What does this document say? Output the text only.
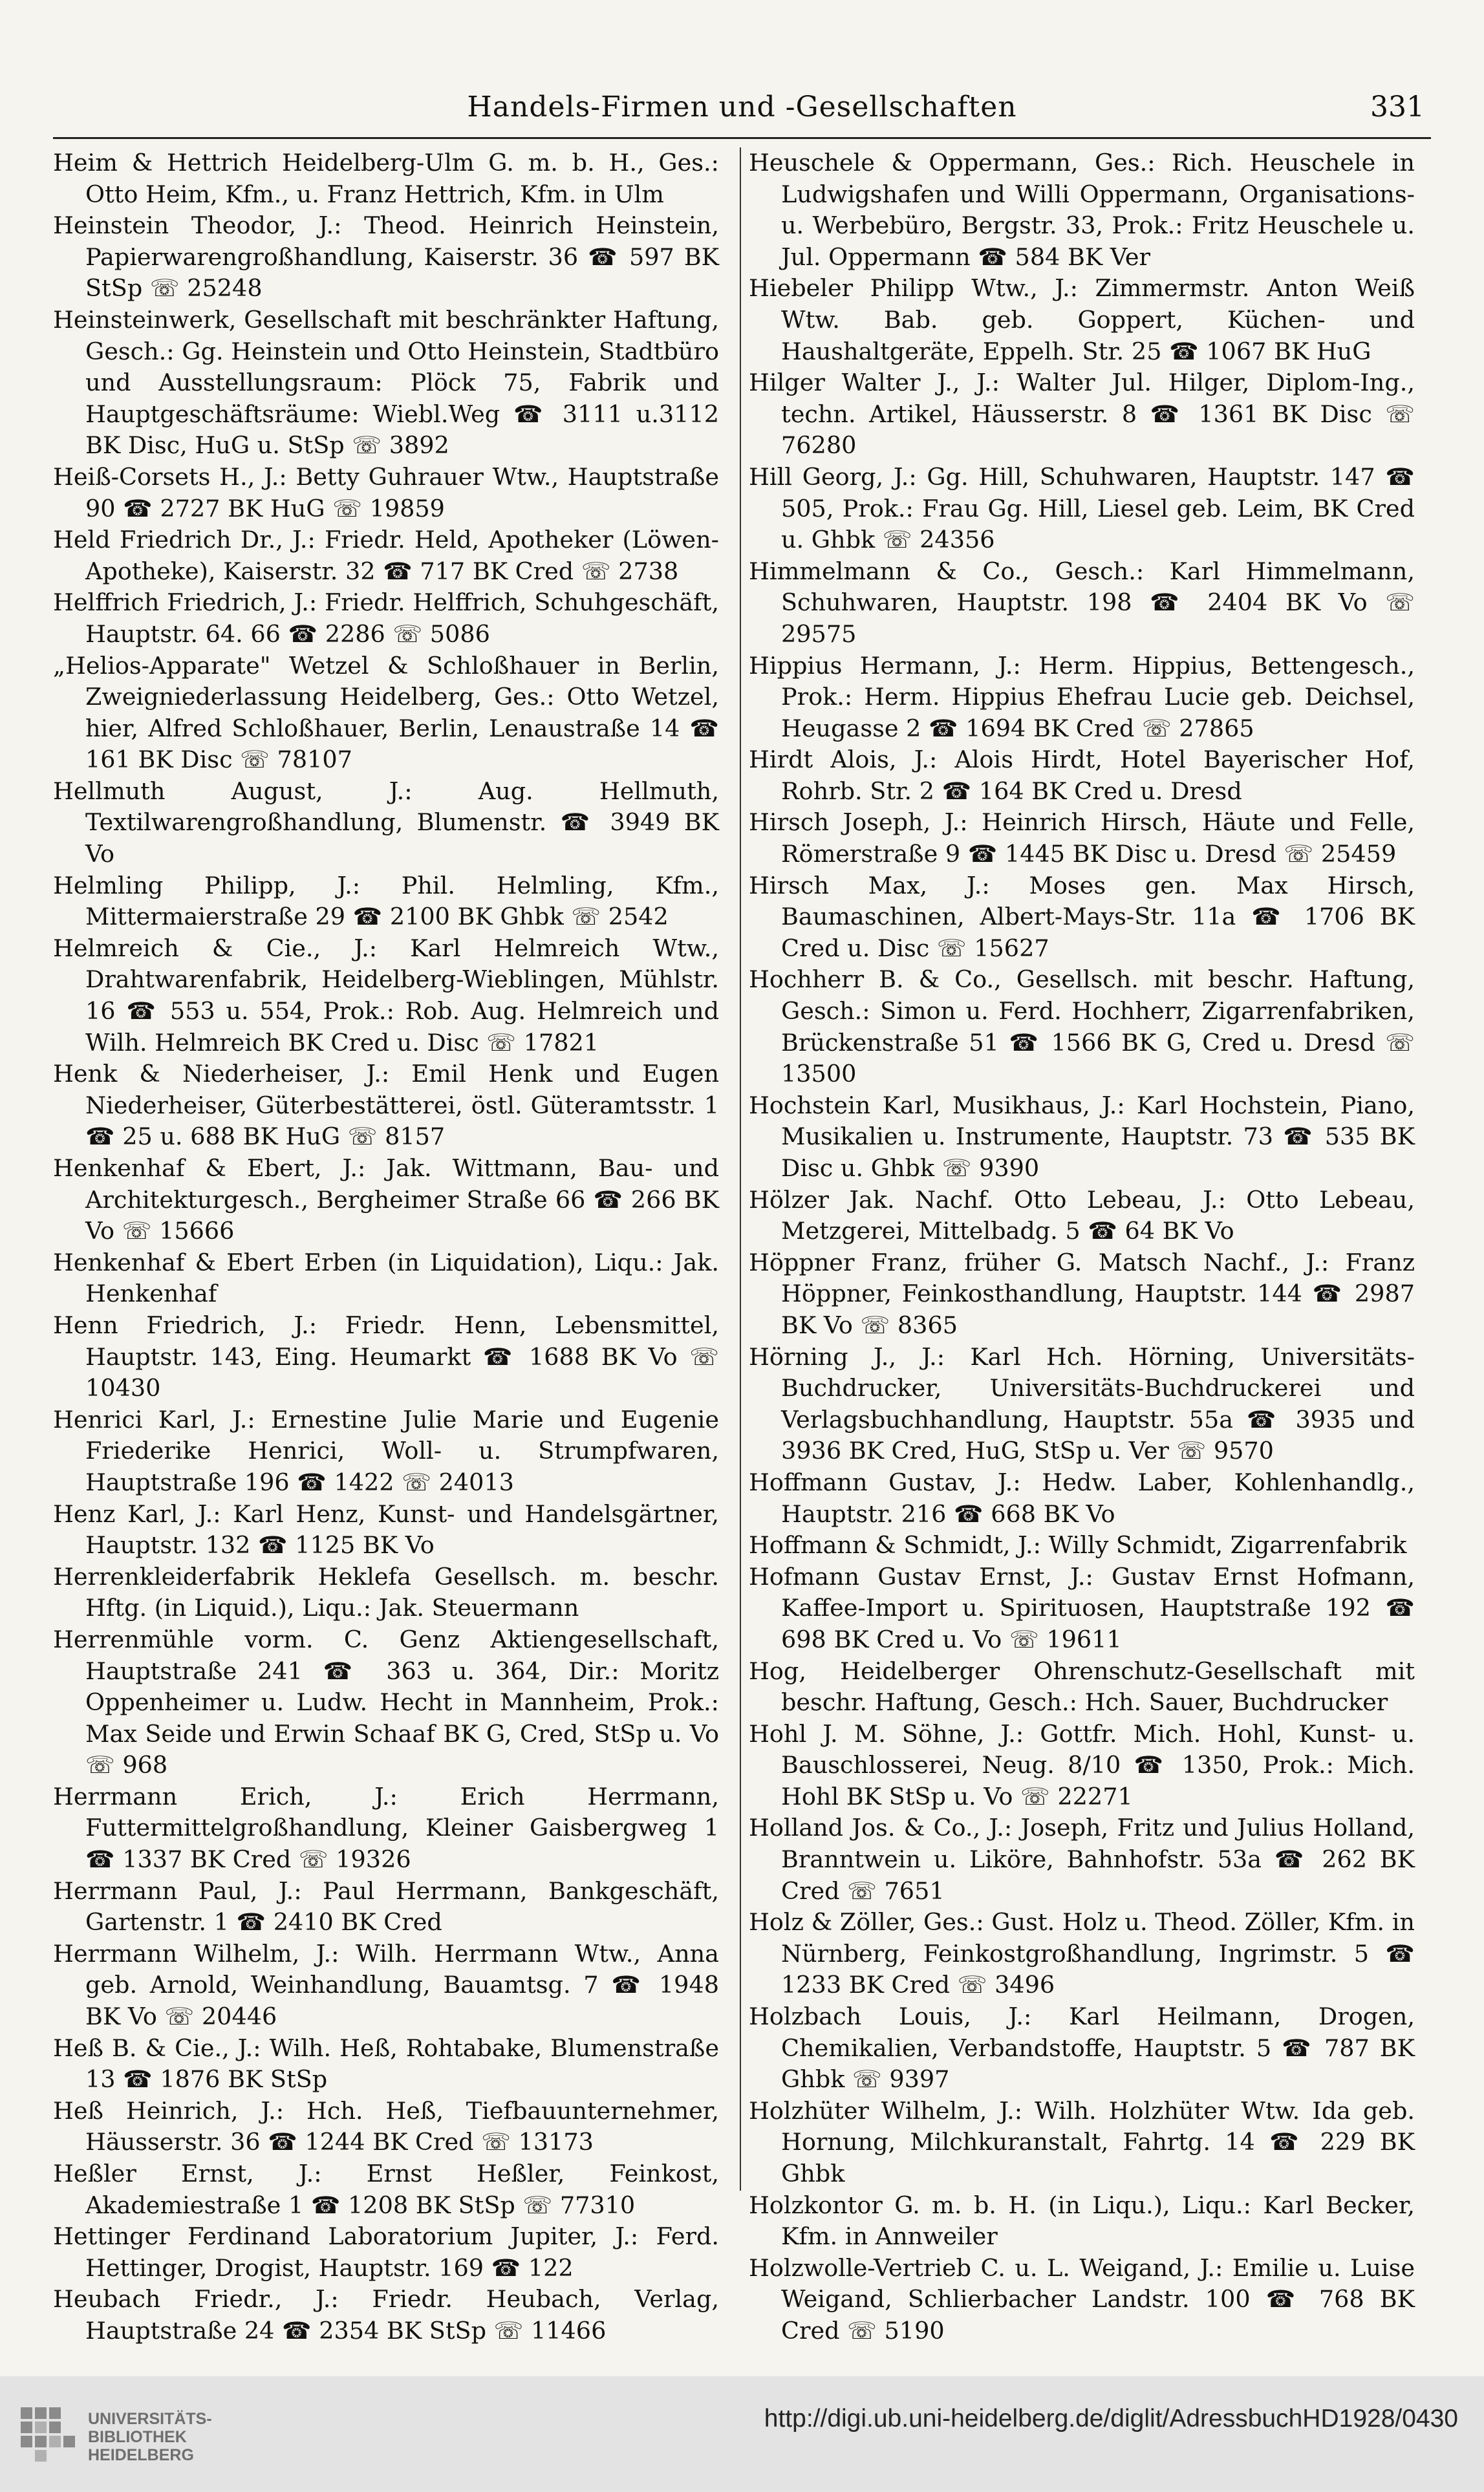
Handels-Firmen und -Gesellschaften	331
Heim & Hettrich Heidelberg-Ulm G. m. b. H., Ges.: Otto Heim, Kfm., u. Franz Hettrich, Kfm. in Ulm
Heinstein Theodor, J.: Theod. Heinrich Heinstein, Papierwarengroßhandlung, Kaiserstr. 36 ☎ 597 BK StSp ☏ 25248
Heinsteinwerk, Gesellschaft mit beschränkter Haftung, Gesch.: Gg. Heinstein und Otto Heinstein, Stadtbüro und Ausstellungsraum: Plöck 75, Fabrik und Hauptgeschäftsräume: Wiebl.Weg ☎ 3111 u.3112 BK Disc, HuG u. StSp ☏ 3892
Heiß-Corsets H., J.: Betty Guhrauer Wtw., Hauptstraße 90 ☎ 2727 BK HuG ☏ 19859
Held Friedrich Dr., J.: Friedr. Held, Apotheker (Löwen-Apotheke), Kaiserstr. 32 ☎ 717 BK Cred ☏ 2738
Helffrich Friedrich, J.: Friedr. Helffrich, Schuhgeschäft, Hauptstr. 64. 66 ☎ 2286 ☏ 5086
„Helios-Apparate" Wetzel & Schloßhauer in Berlin, Zweigniederlassung Heidelberg, Ges.: Otto Wetzel, hier, Alfred Schloßhauer, Berlin, Lenaustraße 14 ☎ 161 BK Disc ☏ 78107
Hellmuth August, J.: Aug. Hellmuth, Textilwarengroßhandlung, Blumenstr. ☎ 3949 BK Vo
Helmling Philipp, J.: Phil. Helmling, Kfm., Mittermaierstraße 29 ☎ 2100 BK Ghbk ☏ 2542
Helmreich & Cie., J.: Karl Helmreich Wtw., Drahtwarenfabrik, Heidelberg-Wieblingen, Mühlstr. 16 ☎ 553 u. 554, Prok.: Rob. Aug. Helmreich und Wilh. Helmreich BK Cred u. Disc ☏ 17821
Henk & Niederheiser, J.: Emil Henk und Eugen Niederheiser, Güterbestätterei, östl. Güteramtsstr. 1 ☎ 25 u. 688 BK HuG ☏ 8157
Henkenhaf & Ebert, J.: Jak. Wittmann, Bau- und Architekturgesch., Bergheimer Straße 66 ☎ 266 BK Vo ☏ 15666
Henkenhaf & Ebert Erben (in Liquidation), Liqu.: Jak. Henkenhaf
Henn Friedrich, J.: Friedr. Henn, Lebensmittel, Hauptstr. 143, Eing. Heumarkt ☎ 1688 BK Vo ☏ 10430
Henrici Karl, J.: Ernestine Julie Marie und Eugenie Friederike Henrici, Woll- u. Strumpfwaren, Hauptstraße 196 ☎ 1422 ☏ 24013
Henz Karl, J.: Karl Henz, Kunst- und Handelsgärtner, Hauptstr. 132 ☎ 1125 BK Vo
Herrenkleiderfabrik Heklefa Gesellsch. m. beschr. Hftg. (in Liquid.), Liqu.: Jak. Steuermann
Herrenmühle vorm. C. Genz Aktiengesellschaft, Hauptstraße 241 ☎ 363 u. 364, Dir.: Moritz Oppenheimer u. Ludw. Hecht in Mannheim, Prok.: Max Seide und Erwin Schaaf BK G, Cred, StSp u. Vo ☏ 968
Herrmann Erich, J.: Erich Herrmann, Futtermittelgroßhandlung, Kleiner Gaisbergweg 1 ☎ 1337 BK Cred ☏ 19326
Herrmann Paul, J.: Paul Herrmann, Bankgeschäft, Gartenstr. 1 ☎ 2410 BK Cred
Herrmann Wilhelm, J.: Wilh. Herrmann Wtw., Anna geb. Arnold, Weinhandlung, Bauamtsg. 7 ☎ 1948 BK Vo ☏ 20446
Heß B. & Cie., J.: Wilh. Heß, Rohtabake, Blumenstraße 13 ☎ 1876 BK StSp
Heß Heinrich, J.: Hch. Heß, Tiefbauunternehmer, Häusserstr. 36 ☎ 1244 BK Cred ☏ 13173
Heßler Ernst, J.: Ernst Heßler, Feinkost, Akademiestraße 1 ☎ 1208 BK StSp ☏ 77310
Hettinger Ferdinand Laboratorium Jupiter, J.: Ferd. Hettinger, Drogist, Hauptstr. 169 ☎ 122
Heubach Friedr., J.: Friedr. Heubach, Verlag, Hauptstraße 24 ☎ 2354 BK StSp ☏ 11466
Heuschele & Oppermann, Ges.: Rich. Heuschele in Ludwigshafen und Willi Oppermann, Organisations- u. Werbebüro, Bergstr. 33, Prok.: Fritz Heuschele u. Jul. Oppermann ☎ 584 BK Ver
Hiebeler Philipp Wtw., J.: Zimmermstr. Anton Weiß Wtw. Bab. geb. Goppert, Küchen- und Haushaltgeräte, Eppelh. Str. 25 ☎ 1067 BK HuG
Hilger Walter J., J.: Walter Jul. Hilger, Diplom-Ing., techn. Artikel, Häusserstr. 8 ☎ 1361 BK Disc ☏ 76280
Hill Georg, J.: Gg. Hill, Schuhwaren, Hauptstr. 147 ☎ 505, Prok.: Frau Gg. Hill, Liesel geb. Leim, BK Cred u. Ghbk ☏ 24356
Himmelmann & Co., Gesch.: Karl Himmelmann, Schuhwaren, Hauptstr. 198 ☎ 2404 BK Vo ☏ 29575
Hippius Hermann, J.: Herm. Hippius, Bettengesch., Prok.: Herm. Hippius Ehefrau Lucie geb. Deichsel, Heugasse 2 ☎ 1694 BK Cred ☏ 27865
Hirdt Alois, J.: Alois Hirdt, Hotel Bayerischer Hof, Rohrb. Str. 2 ☎ 164 BK Cred u. Dresd
Hirsch Joseph, J.: Heinrich Hirsch, Häute und Felle, Römerstraße 9 ☎ 1445 BK Disc u. Dresd ☏ 25459
Hirsch Max, J.: Moses gen. Max Hirsch, Baumaschinen, Albert-Mays-Str. 11a ☎ 1706 BK Cred u. Disc ☏ 15627
Hochherr B. & Co., Gesellsch. mit beschr. Haftung, Gesch.: Simon u. Ferd. Hochherr, Zigarrenfabriken, Brückenstraße 51 ☎ 1566 BK G, Cred u. Dresd ☏ 13500
Hochstein Karl, Musikhaus, J.: Karl Hochstein, Piano, Musikalien u. Instrumente, Hauptstr. 73 ☎ 535 BK Disc u. Ghbk ☏ 9390
Hölzer Jak. Nachf. Otto Lebeau, J.: Otto Lebeau, Metzgerei, Mittelbadg. 5 ☎ 64 BK Vo
Höppner Franz, früher G. Matsch Nachf., J.: Franz Höppner, Feinkosthandlung, Hauptstr. 144 ☎ 2987 BK Vo ☏ 8365
Hörning J., J.: Karl Hch. Hörning, Universitäts-Buchdrucker, Universitäts-Buchdruckerei und Verlagsbuchhandlung, Hauptstr. 55a ☎ 3935 und 3936 BK Cred, HuG, StSp u. Ver ☏ 9570
Hoffmann Gustav, J.: Hedw. Laber, Kohlenhandlg., Hauptstr. 216 ☎ 668 BK Vo
Hoffmann & Schmidt, J.: Willy Schmidt, Zigarrenfabrik
Hofmann Gustav Ernst, J.: Gustav Ernst Hofmann, Kaffee-Import u. Spirituosen, Hauptstraße 192 ☎ 698 BK Cred u. Vo ☏ 19611
Hog, Heidelberger Ohrenschutz-Gesellschaft mit beschr. Haftung, Gesch.: Hch. Sauer, Buchdrucker
Hohl J. M. Söhne, J.: Gottfr. Mich. Hohl, Kunst- u. Bauschlosserei, Neug. 8/10 ☎ 1350, Prok.: Mich. Hohl BK StSp u. Vo ☏ 22271
Holland Jos. & Co., J.: Joseph, Fritz und Julius Holland, Branntwein u. Liköre, Bahnhofstr. 53a ☎ 262 BK Cred ☏ 7651
Holz & Zöller, Ges.: Gust. Holz u. Theod. Zöller, Kfm. in Nürnberg, Feinkostgroßhandlung, Ingrimstr. 5 ☎ 1233 BK Cred ☏ 3496
Holzbach Louis, J.: Karl Heilmann, Drogen, Chemikalien, Verbandstoffe, Hauptstr. 5 ☎ 787 BK Ghbk ☏ 9397
Holzhüter Wilhelm, J.: Wilh. Holzhüter Wtw. Ida geb. Hornung, Milchkuranstalt, Fahrtg. 14 ☎ 229 BK Ghbk
Holzkontor G. m. b. H. (in Liqu.), Liqu.: Karl Becker, Kfm. in Annweiler
Holzwolle-Vertrieb C. u. L. Weigand, J.: Emilie u. Luise Weigand, Schlierbacher Landstr. 100 ☎ 768 BK Cred ☏ 5190
UNIVERSITÄTS-
BIBLIOTHEK
HEIDELBERG
http://digi.ub.uni-heidelberg.de/diglit/AdressbuchHD1928/0430
